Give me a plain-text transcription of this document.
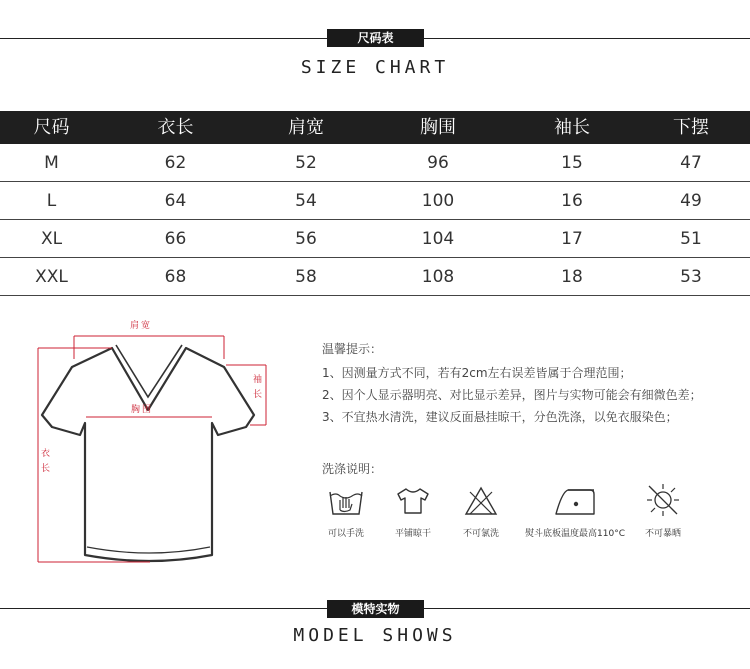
尺码表
SIZE CHART
尺码	衣长	肩宽	胸围	袖长	下摆
M	62	52	96	15	47
L	64	54	100	16	49
XL	66	56	104	17	51
XXL	68	58	108	18	53
肩宽
胸围
袖长
衣长
温馨提示：
1、因测量方式不同，若有2cm左右误差皆属于合理范围；
2、因个人显示器明亮、对比显示差异，图片与实物可能会有细微色差；
3、不宜热水清洗，建议反面悬挂晾干，分色洗涤，以免衣服染色；
洗涤说明：
可以手洗	平铺晾干	不可氯洗	熨斗底板温度最高110°C	不可暴晒
模特实物
MODEL SHOWS
